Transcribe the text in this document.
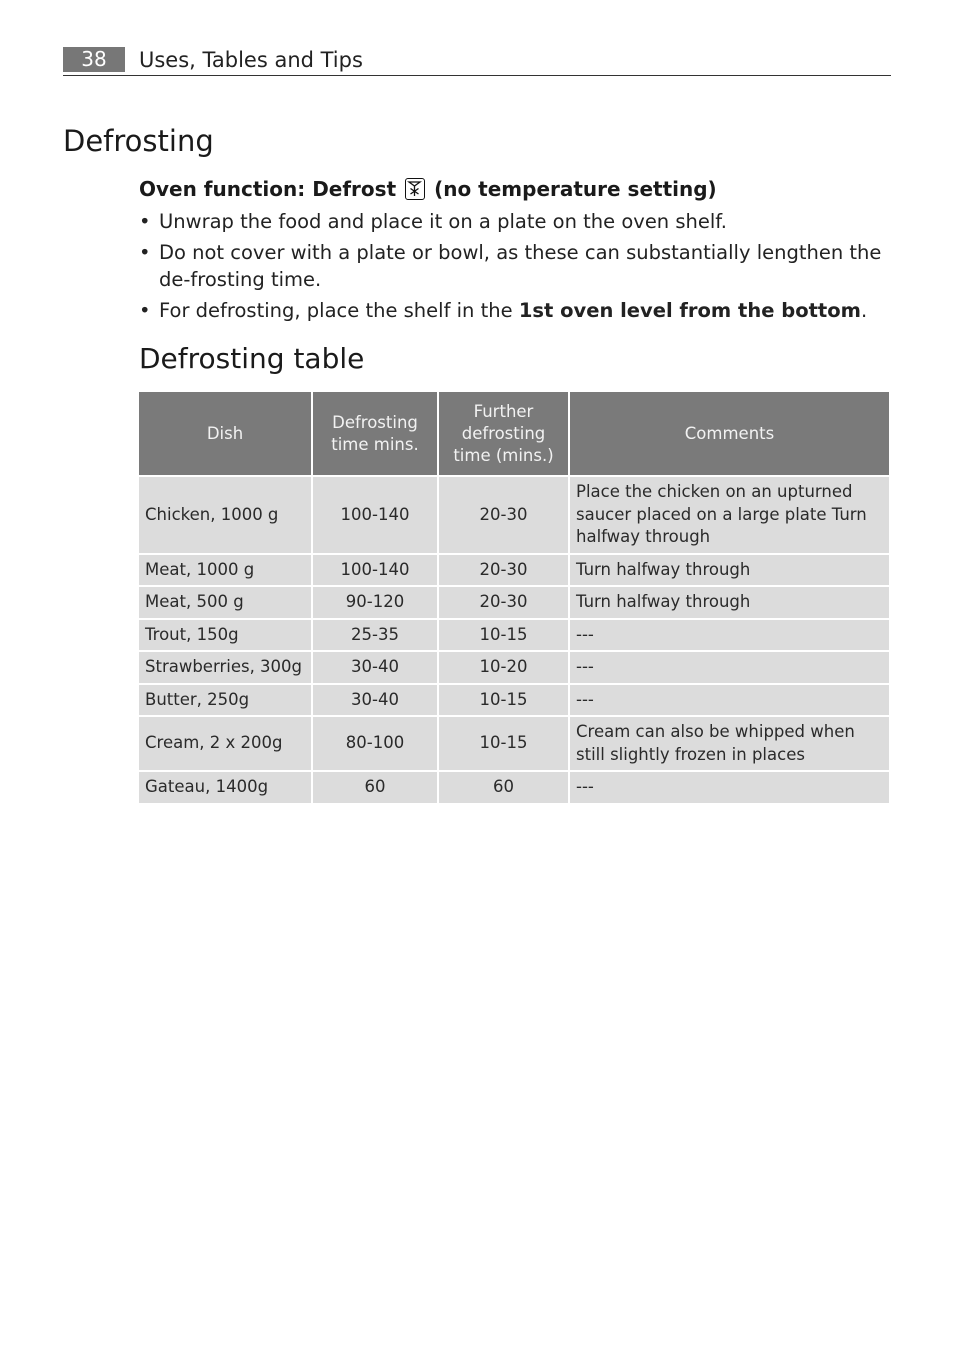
38	Uses, Tables and Tips
Defrosting
Oven function: Defrost (no temperature setting)
• Unwrap the food and place it on a plate on the oven shelf.
• Do not cover with a plate or bowl, as these can substantially lengthen the de-frosting time.
• For defrosting, place the shelf in the 1st oven level from the bottom.
Defrosting table
Dish	Defrosting time mins.	Further defrosting time (mins.)	Comments
Chicken, 1000 g	100-140	20-30	Place the chicken on an upturned saucer placed on a large plate Turn halfway through
Meat, 1000 g	100-140	20-30	Turn halfway through
Meat, 500 g	90-120	20-30	Turn halfway through
Trout, 150g	25-35	10-15	---
Strawberries, 300g	30-40	10-20	---
Butter, 250g	30-40	10-15	---
Cream, 2 x 200g	80-100	10-15	Cream can also be whipped when still slightly frozen in places
Gateau, 1400g	60	60	---
